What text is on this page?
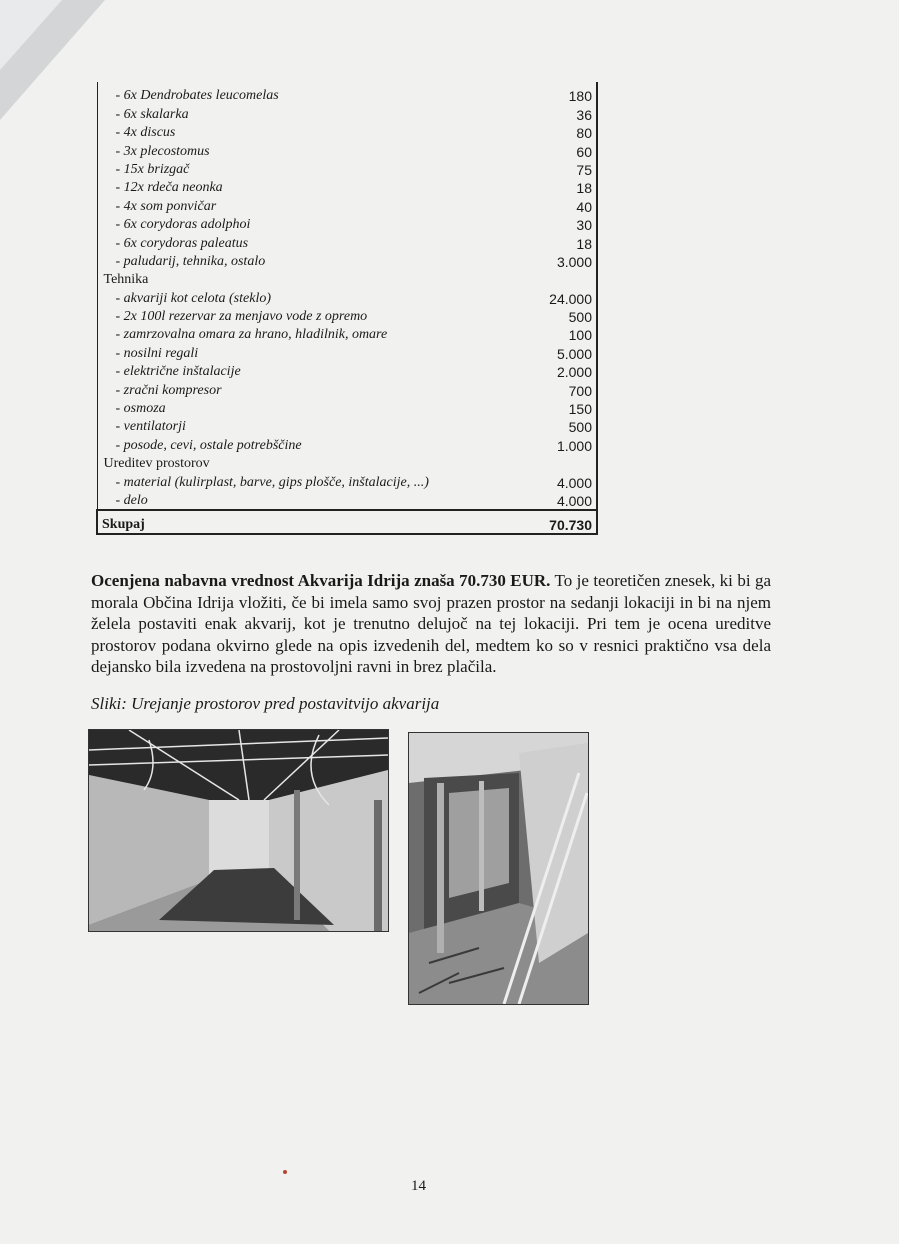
- 6x Dendrobates leucomelas	180
- 6x skalarka	36
- 4x discus	80
- 3x plecostomus	60
- 15x brizgač	75
- 12x rdeča neonka	18
- 4x som ponvičar	40
- 6x corydoras adolphoi	30
- 6x corydoras paleatus	18
- paludarij, tehnika, ostalo	3.000
Tehnika	
- akvariji kot celota (steklo)	24.000
- 2x 100l rezervar za menjavo vode z opremo	500
- zamrzovalna omara za hrano, hladilnik, omare	100
- nosilni regali	5.000
- električne inštalacije	2.000
- zračni kompresor	700
- osmoza	150
- ventilatorji	500
- posode, cevi, ostale potrebščine	1.000
Ureditev prostorov	
- material (kulirplast, barve, gips plošče, inštalacije, ...)	4.000
- delo	4.000
Skupaj	70.730
Ocenjena nabavna vrednost Akvarija Idrija znaša 70.730 EUR. To je teoretičen znesek, ki bi ga morala Občina Idrija vložiti, če bi imela samo svoj prazen prostor na sedanji lokaciji in bi na njem želela postaviti enak akvarij, kot je trenutno delujoč na tej lokaciji. Pri tem je ocena ureditve prostorov podana okvirno glede na opis izvedenih del, medtem ko so v resnici praktično vsa dela dejansko bila izvedena na prostovoljni ravni in brez plačila.
Sliki: Urejanje prostorov pred postavitvijo akvarija
14
